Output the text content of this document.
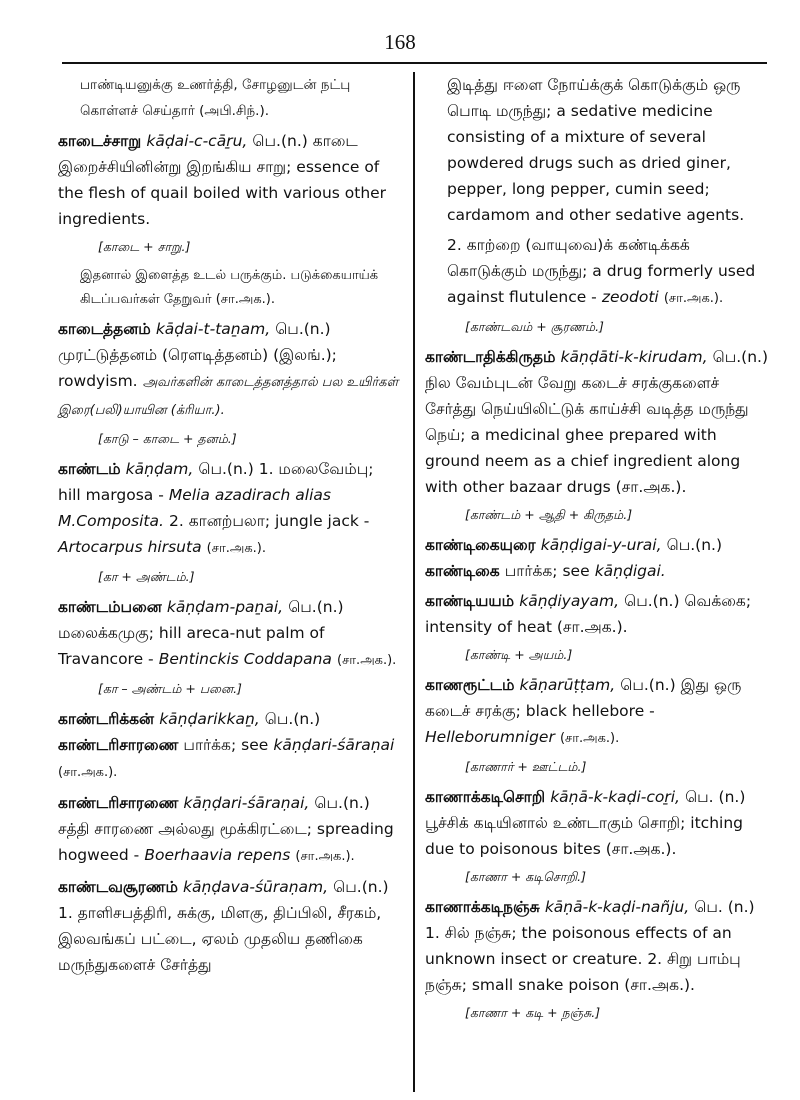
168
பாண்டியனுக்கு உணர்த்தி, சோழனுடன் நட்பு கொள்ளச் செய்தார் (அபி.சிந்.).
காடைச்சாறு kāḍai-c-cāṟu, பெ.(n.) காடை இறைச்சியினின்று இறங்கிய சாறு; essence of the flesh of quail boiled with various other ingredients.
[காடை + சாறு.]
இதனால் இளைத்த உடல் பருக்கும். படுக்கையாய்க் கிடப்பவர்கள் தேறுவர் (சா.அக.).
காடைத்தனம் kāḍai-t-taṉam, பெ.(n.) முரட்டுத்தனம் (ரௌடித்தனம்) (இலங்.); rowdyism. அவர்களின் காடைத்தனத்தால் பல உயிர்கள் இரை(பலி)யாயின (க்ரியா.).
[காடு – காடை + தனம்.]
காண்டம் kāṇḍam, பெ.(n.) 1. மலைவேம்பு; hill margosa - Melia azadirach alias M.Composita. 2. கானற்பலா; jungle jack - Artocarpus hirsuta (சா.அக.).
[கா + அண்டம்.]
காண்டம்பனை kāṇḍam-paṉai, பெ.(n.) மலைக்கமுகு; hill areca-nut palm of Travancore - Bentinckis Coddapana (சா.அக.).
[கா – அண்டம் + பனை.]
காண்டரிக்கன் kāṇḍarikkaṉ, பெ.(n.) காண்டரிசாரணை பார்க்க; see kāṇḍari-śāraṇai (சா.அக.).
காண்டரிசாரணை kāṇḍari-śāraṇai, பெ.(n.) சத்தி சாரணை அல்லது மூக்கிரட்டை; spreading hogweed - Boerhaavia repens (சா.அக.).
காண்டவசூரணம் kāṇḍava-śūraṇam, பெ.(n.) 1. தாளிசபத்திரி, சுக்கு, மிளகு, திப்பிலி, சீரகம், இலவங்கப் பட்டை, ஏலம் முதலிய தணிகை மருந்துகளைச் சேர்த்து
இடித்து ஈளை நோய்க்குக் கொடுக்கும் ஒரு பொடி மருந்து; a sedative medicine consisting of a mixture of several powdered drugs such as dried giner, pepper, long pepper, cumin seed; cardamom and other sedative agents.
2. காற்றை (வாயுவை)க் கண்டிக்கக் கொடுக்கும் மருந்து; a drug formerly used against flutulence - zeodoti (சா.அக.).
[காண்டவம் + சூரணம்.]
காண்டாதிக்கிருதம் kāṇḍāti-k-kirudam, பெ.(n.) நில வேம்புடன் வேறு கடைச் சரக்குகளைச் சேர்த்து நெய்யிலிட்டுக் காய்ச்சி வடித்த மருந்து நெய்; a medicinal ghee prepared with ground neem as a chief ingredient along with other bazaar drugs (சா.அக.).
[காண்டம் + ஆதி + கிருதம்.]
காண்டிகையுரை kāṇḍigai-y-urai, பெ.(n.) காண்டிகை பார்க்க; see kāṇḍigai.
காண்டியயம் kāṇḍiyayam, பெ.(n.) வெக்கை; intensity of heat (சா.அக.).
[காண்டி + அயம்.]
காணரூட்டம் kāṇarūṭṭam, பெ.(n.) இது ஒரு கடைச் சரக்கு; black hellebore - Helleborumniger (சா.அக.).
[காணார் + ஊட்டம்.]
காணாக்கடிசொறி kāṇā-k-kaḍi-coṟi, பெ. (n.) பூச்சிக் கடியினால் உண்டாகும் சொறி; itching due to poisonous bites (சா.அக.).
[காணா + கடிசொறி.]
காணாக்கடிநஞ்சு kāṇā-k-kaḍi-nañju, பெ. (n.) 1. சில் நஞ்சு; the poisonous effects of an unknown insect or creature. 2. சிறு பாம்பு நஞ்சு; small snake poison (சா.அக.).
[காணா + கடி + நஞ்சு.]
